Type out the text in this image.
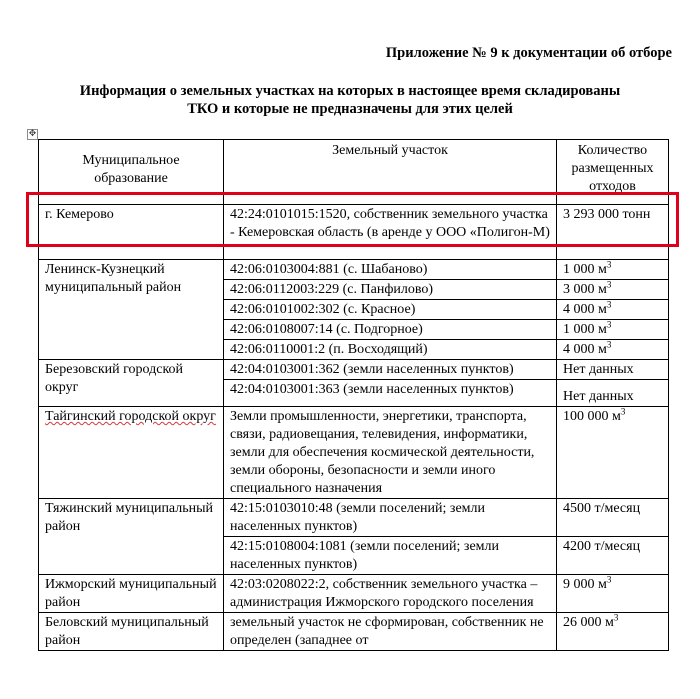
Приложение № 9 к документации об отборе
Информация о земельных участках на которых в настоящее время складированы
ТКО и которые не предназначены для этих целей
✥
Муниципальное образование	Земельный участок	Количество размещенных отходов
г. Кемерово	42:24:0101015:1520, собственник земельного участка - Кемеровская область (в аренде у ООО «Полигон-М)	3 293 000 тонн
Ленинск-Кузнецкий муниципальный район	42:06:0103004:881 (с. Шабаново)	1 000 $м^3$
42:06:0112003:229 (с. Панфилово)	3 000 $м^3$
42:06:0101002:302 (с. Красное)	4 000 $м^3$
42:06:0108007:14 (с. Подгорное)	1 000 $м^3$
42:06:0110001:2 (п. Восходящий)	4 000 $м^3$
Березовский городской округ	42:04:0103001:362 (земли населенных пунктов)	Нет данных
42:04:0103001:363 (земли населенных пунктов)	Нет данных
Тайгинский городской округ	Земли промышленности, энергетики, транспорта, связи, радиовещания, телевидения, информатики, земли для обеспечения космической деятельности, земли обороны, безопасности и земли иного специального назначения	100 000 $м^3$
Тяжинский муниципальный район	42:15:0103010:48 (земли поселений; земли населенных пунктов)	4500 т/месяц
42:15:0108004:1081 (земли поселений; земли населенных пунктов)	4200 т/месяц
Ижморский муниципальный район	42:03:0208022:2, собственник земельного участка – администрация Ижморского городского поселения	9 000 $м^3$
Беловский муниципальный район	земельный участок не сформирован, собственник не определен (западнее от	26 000 $м^3$
